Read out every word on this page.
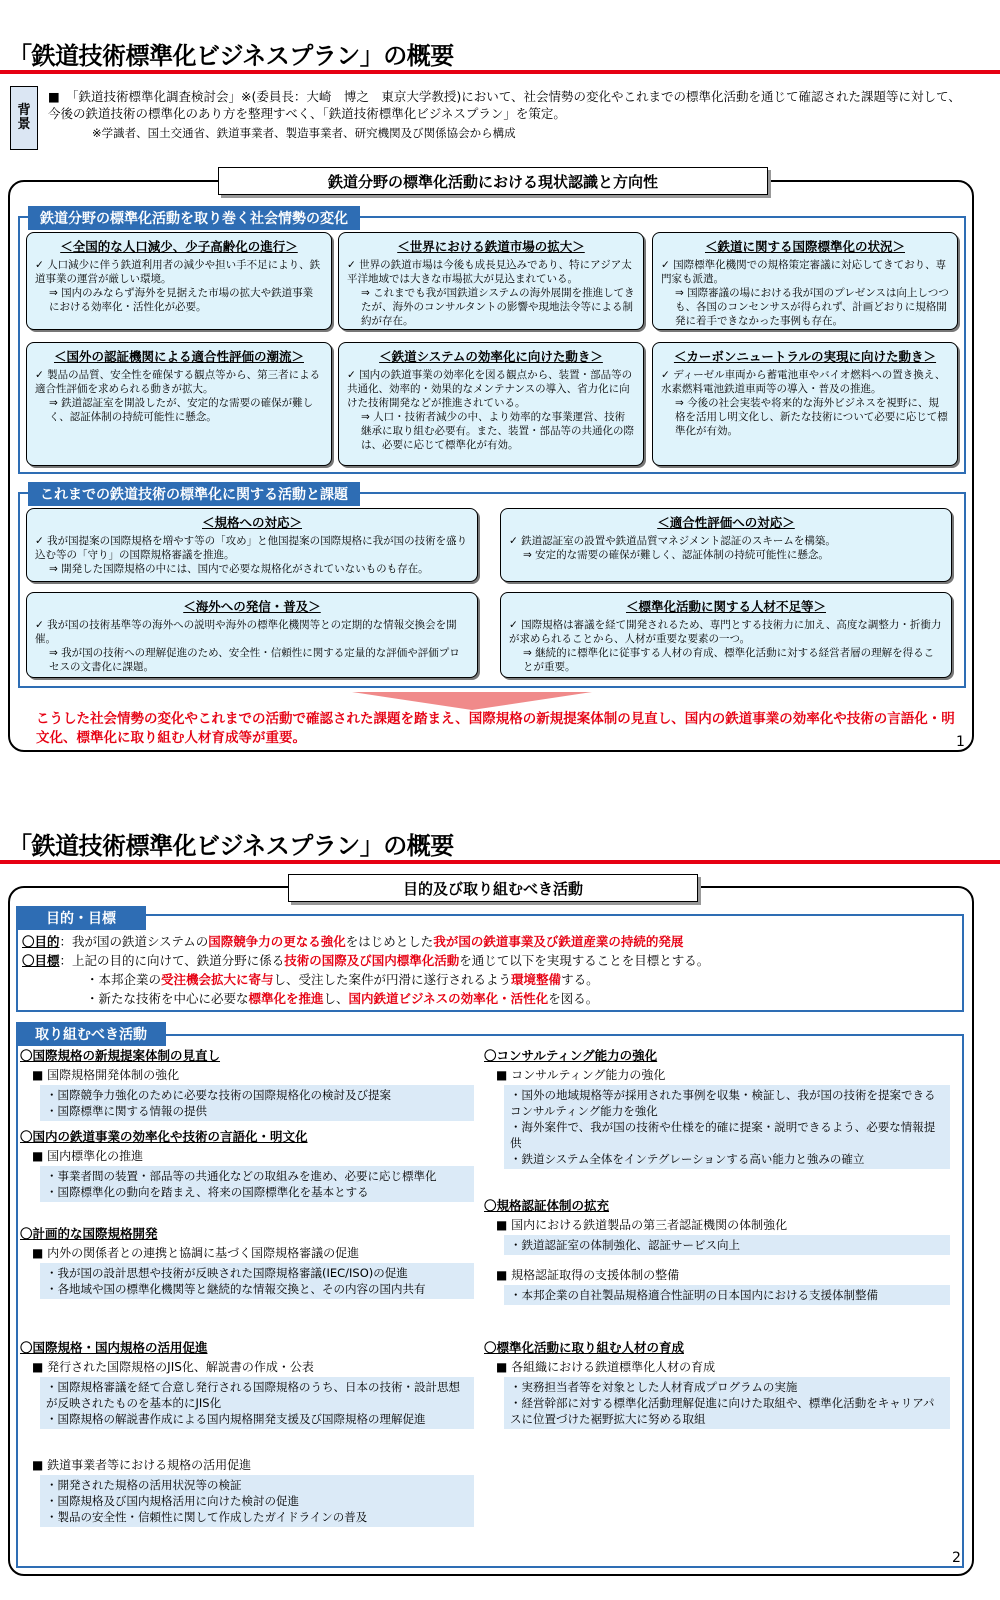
「鉄道技術標準化ビジネスプラン」の概要
背
景
■　「鉄道技術標準化調査検討会」※(委員長：大崎　博之　東京大学教授)において、社会情勢の変化やこれまでの標準化活動を通じて確認された課題等に対して、今後の鉄道技術の標準化のあり方を整理すべく、「鉄道技術標準化ビジネスプラン」を策定。
※学識者、国土交通省、鉄道事業者、製造事業者、研究機関及び関係協会から構成
鉄道分野の標準化活動における現状認識と方向性
鉄道分野の標準化活動を取り巻く社会情勢の変化
＜全国的な人口減少、少子高齢化の進行＞
✓ 人口減少に伴う鉄道利用者の減少や担い手不足により、鉄道事業の運営が厳しい環境。
⇒ 国内のみならず海外を見据えた市場の拡大や鉄道事業における効率化・活性化が必要。
＜世界における鉄道市場の拡大＞
✓ 世界の鉄道市場は今後も成長見込みであり、特にアジア太平洋地域では大きな市場拡大が見込まれている。
⇒ これまでも我が国鉄道システムの海外展開を推進してきたが、海外のコンサルタントの影響や現地法令等による制約が存在。
＜鉄道に関する国際標準化の状況＞
✓ 国際標準化機関での規格策定審議に対応してきており、専門家も派遣。
⇒ 国際審議の場における我が国のプレゼンスは向上しつつも、各国のコンセンサスが得られず、計画どおりに規格開発に着手できなかった事例も存在。
＜国外の認証機関による適合性評価の潮流＞
✓ 製品の品質、安全性を確保する観点等から、第三者による適合性評価を求められる動きが拡大。
⇒ 鉄道認証室を開設したが、安定的な需要の確保が難しく、認証体制の持続可能性に懸念。
＜鉄道システムの効率化に向けた動き＞
✓ 国内の鉄道事業の効率化を図る観点から、装置・部品等の共通化、効率的・効果的なメンテナンスの導入、省力化に向けた技術開発などが推進されている。
⇒ 人口・技術者減少の中、より効率的な事業運営、技術継承に取り組む必要有。また、装置・部品等の共通化の際は、必要に応じて標準化が有効。
＜カーボンニュートラルの実現に向けた動き＞
✓ ディーゼル車両から蓄電池車やバイオ燃料への置き換え、水素燃料電池鉄道車両等の導入・普及の推進。
⇒ 今後の社会実装や将来的な海外ビジネスを視野に、規格を活用し明文化し、新たな技術について必要に応じて標準化が有効。
これまでの鉄道技術の標準化に関する活動と課題
＜規格への対応＞
✓ 我が国提案の国際規格を増やす等の「攻め」と他国提案の国際規格に我が国の技術を盛り込む等の「守り」の国際規格審議を推進。
⇒ 開発した国際規格の中には、国内で必要な規格化がされていないものも存在。
＜適合性評価への対応＞
✓ 鉄道認証室の設置や鉄道品質マネジメント認証のスキームを構築。
⇒ 安定的な需要の確保が難しく、認証体制の持続可能性に懸念。
＜海外への発信・普及＞
✓ 我が国の技術基準等の海外への説明や海外の標準化機関等との定期的な情報交換会を開催。
⇒ 我が国の技術への理解促進のため、安全性・信頼性に関する定量的な評価や評価プロセスの文書化に課題。
＜標準化活動に関する人材不足等＞
✓ 国際規格は審議を経て開発されるため、専門とする技術力に加え、高度な調整力・折衝力が求められることから、人材が重要な要素の一つ。
⇒ 継続的に標準化に従事する人材の育成、標準化活動に対する経営者層の理解を得ることが重要。
こうした社会情勢の変化やこれまでの活動で確認された課題を踏まえ、国際規格の新規提案体制の見直し、国内の鉄道事業の効率化や技術の言語化・明文化、標準化に取り組む人材育成等が重要。	1
「鉄道技術標準化ビジネスプラン」の概要
目的及び取り組むべき活動
目的・目標
〇目的：我が国の鉄道システムの国際競争力の更なる強化をはじめとした我が国の鉄道事業及び鉄道産業の持続的発展
〇目標：上記の目的に向けて、鉄道分野に係る技術の国際及び国内標準化活動を通じて以下を実現することを目標とする。
・本邦企業の受注機会拡大に寄与し、受注した案件が円滑に遂行されるよう環境整備する。
・新たな技術を中心に必要な標準化を推進し、国内鉄道ビジネスの効率化・活性化を図る。
取り組むべき活動
〇国際規格の新規提案体制の見直し
■ 国際規格開発体制の強化
・国際競争力強化のために必要な技術の国際規格化の検討及び提案
・国際標準に関する情報の提供
〇国内の鉄道事業の効率化や技術の言語化・明文化
■ 国内標準化の推進
・事業者間の装置・部品等の共通化などの取組みを進め、必要に応じ標準化
・国際標準化の動向を踏まえ、将来の国際標準化を基本とする
〇計画的な国際規格開発
■ 内外の関係者との連携と協調に基づく国際規格審議の促進
・我が国の設計思想や技術が反映された国際規格審議(IEC/ISO)の促進
・各地域や国の標準化機関等と継続的な情報交換と、その内容の国内共有
〇国際規格・国内規格の活用促進
■ 発行された国際規格のJIS化、解説書の作成・公表
・国際規格審議を経て合意し発行される国際規格のうち、日本の技術・設計思想が反映されたものを基本的にJIS化
・国際規格の解説書作成による国内規格開発支援及び国際規格の理解促進
■ 鉄道事業者等における規格の活用促進
・開発された規格の活用状況等の検証
・国際規格及び国内規格活用に向けた検討の促進
・製品の安全性・信頼性に関して作成したガイドラインの普及
〇コンサルティング能力の強化
■ コンサルティング能力の強化
・国外の地域規格等が採用された事例を収集・検証し、我が国の技術を提案できるコンサルティング能力を強化
・海外案件で、我が国の技術や仕様を的確に提案・説明できるよう、必要な情報提供
・鉄道システム全体をインテグレーションする高い能力と強みの確立
〇規格認証体制の拡充
■ 国内における鉄道製品の第三者認証機関の体制強化
・鉄道認証室の体制強化、認証サービス向上
■ 規格認証取得の支援体制の整備
・本邦企業の自社製品規格適合性証明の日本国内における支援体制整備
〇標準化活動に取り組む人材の育成
■ 各組織における鉄道標準化人材の育成
・実務担当者等を対象とした人材育成プログラムの実施
・経営幹部に対する標準化活動理解促進に向けた取組や、標準化活動をキャリアパスに位置づけた裾野拡大に努める取組
2
